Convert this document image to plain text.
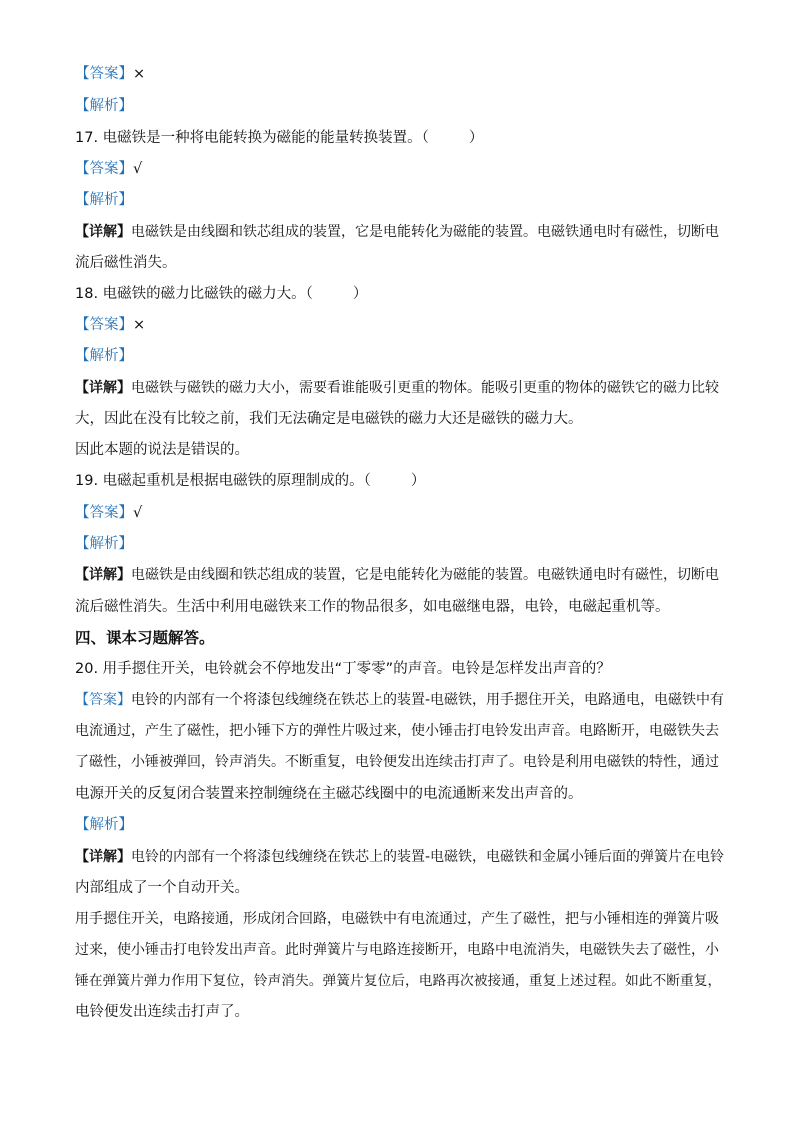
【答案】×
【解析】
17. 电磁铁是一种将电能转换为磁能的能量转换装置。（	）
【答案】√
【解析】
【详解】电磁铁是由线圈和铁芯组成的装置，它是电能转化为磁能的装置。电磁铁通电时有磁性，切断电
流后磁性消失。
18. 电磁铁的磁力比磁铁的磁力大。（	）
【答案】×
【解析】
【详解】电磁铁与磁铁的磁力大小，需要看谁能吸引更重的物体。能吸引更重的物体的磁铁它的磁力比较
大，因此在没有比较之前，我们无法确定是电磁铁的磁力大还是磁铁的磁力大。
因此本题的说法是错误的。
19. 电磁起重机是根据电磁铁的原理制成的。（	）
【答案】√
【解析】
【详解】电磁铁是由线圈和铁芯组成的装置，它是电能转化为磁能的装置。电磁铁通电时有磁性，切断电
流后磁性消失。生活中利用电磁铁来工作的物品很多，如电磁继电器，电铃，电磁起重机等。
四、课本习题解答。
20. 用手摁住开关，电铃就会不停地发出“丁零零”的声音。电铃是怎样发出声音的？
【答案】电铃的内部有一个将漆包线缠绕在铁芯上的装置-电磁铁，用手摁住开关，电路通电，电磁铁中有
电流通过，产生了磁性，把小锤下方的弹性片吸过来，使小锤击打电铃发出声音。电路断开，电磁铁失去
了磁性，小锤被弹回，铃声消失。不断重复，电铃便发出连续击打声了。电铃是利用电磁铁的特性，通过
电源开关的反复闭合装置来控制缠绕在主磁芯线圈中的电流通断来发出声音的。
【解析】
【详解】电铃的内部有一个将漆包线缠绕在铁芯上的装置-电磁铁，电磁铁和金属小锤后面的弹簧片在电铃
内部组成了一个自动开关。
用手摁住开关，电路接通，形成闭合回路，电磁铁中有电流通过，产生了磁性，把与小锤相连的弹簧片吸
过来，使小锤击打电铃发出声音。此时弹簧片与电路连接断开，电路中电流消失，电磁铁失去了磁性，小
锤在弹簧片弹力作用下复位，铃声消失。弹簧片复位后，电路再次被接通，重复上述过程。如此不断重复，
电铃便发出连续击打声了。
